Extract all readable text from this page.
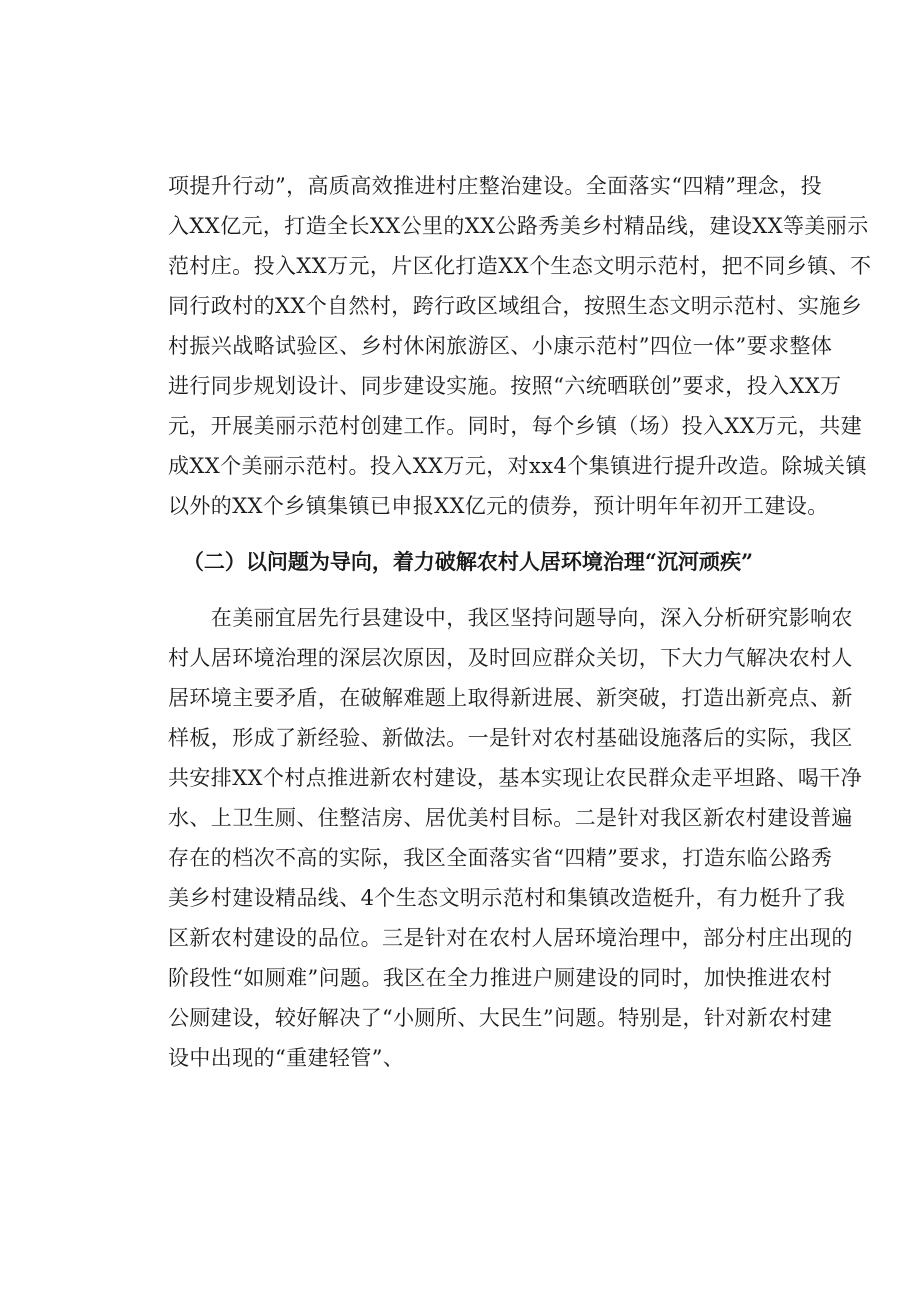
项提升行动”，高质高效推进村庄整治建设。全面落实“四精”理念，投
入XX亿元，打造全长XX公里的XX公路秀美乡村精品线，建设XX等美丽示
范村庄。投入XX万元，片区化打造XX个生态文明示范村，把不同乡镇、不
同行政村的XX个自然村，跨行政区域组合，按照生态文明示范村、实施乡
村振兴战略试验区、乡村休闲旅游区、小康示范村”四位一体”要求整体
进行同步规划设计、同步建设实施。按照“六统晒联创”要求，投入XX万
元，开展美丽示范村创建工作。同时，每个乡镇（场）投入XX万元，共建
成XX个美丽示范村。投入XX万元，对xx4个集镇进行提升改造。除城关镇
以外的XX个乡镇集镇已申报XX亿元的债券，预计明年年初开工建设。
（二）以问题为导向，着力破解农村人居环境治理“沉河顽疾”
　　在美丽宜居先行县建设中，我区坚持问题导向，深入分析研究影响农
村人居环境治理的深层次原因，及时回应群众关切，下大力气解决农村人
居环境主要矛盾，在破解难题上取得新进展、新突破，打造出新亮点、新
样板，形成了新经验、新做法。一是针对农村基础设施落后的实际，我区
共安排XX个村点推进新农村建设，基本实现让农民群众走平坦路、喝干净
水、上卫生厕、住整洁房、居优美村目标。二是针对我区新农村建设普遍
存在的档次不高的实际，我区全面落实省“四精”要求，打造东临公路秀
美乡村建设精品线、4个生态文明示范村和集镇改造梃升，有力梃升了我
区新农村建设的品位。三是针对在农村人居环境治理中，部分村庄出现的
阶段性“如厕难”问题。我区在全力推进户厕建设的同时，加快推进农村
公厕建设，较好解决了“小厕所、大民生”问题。特别是，针对新农村建
设中出现的“重建轻管”、
